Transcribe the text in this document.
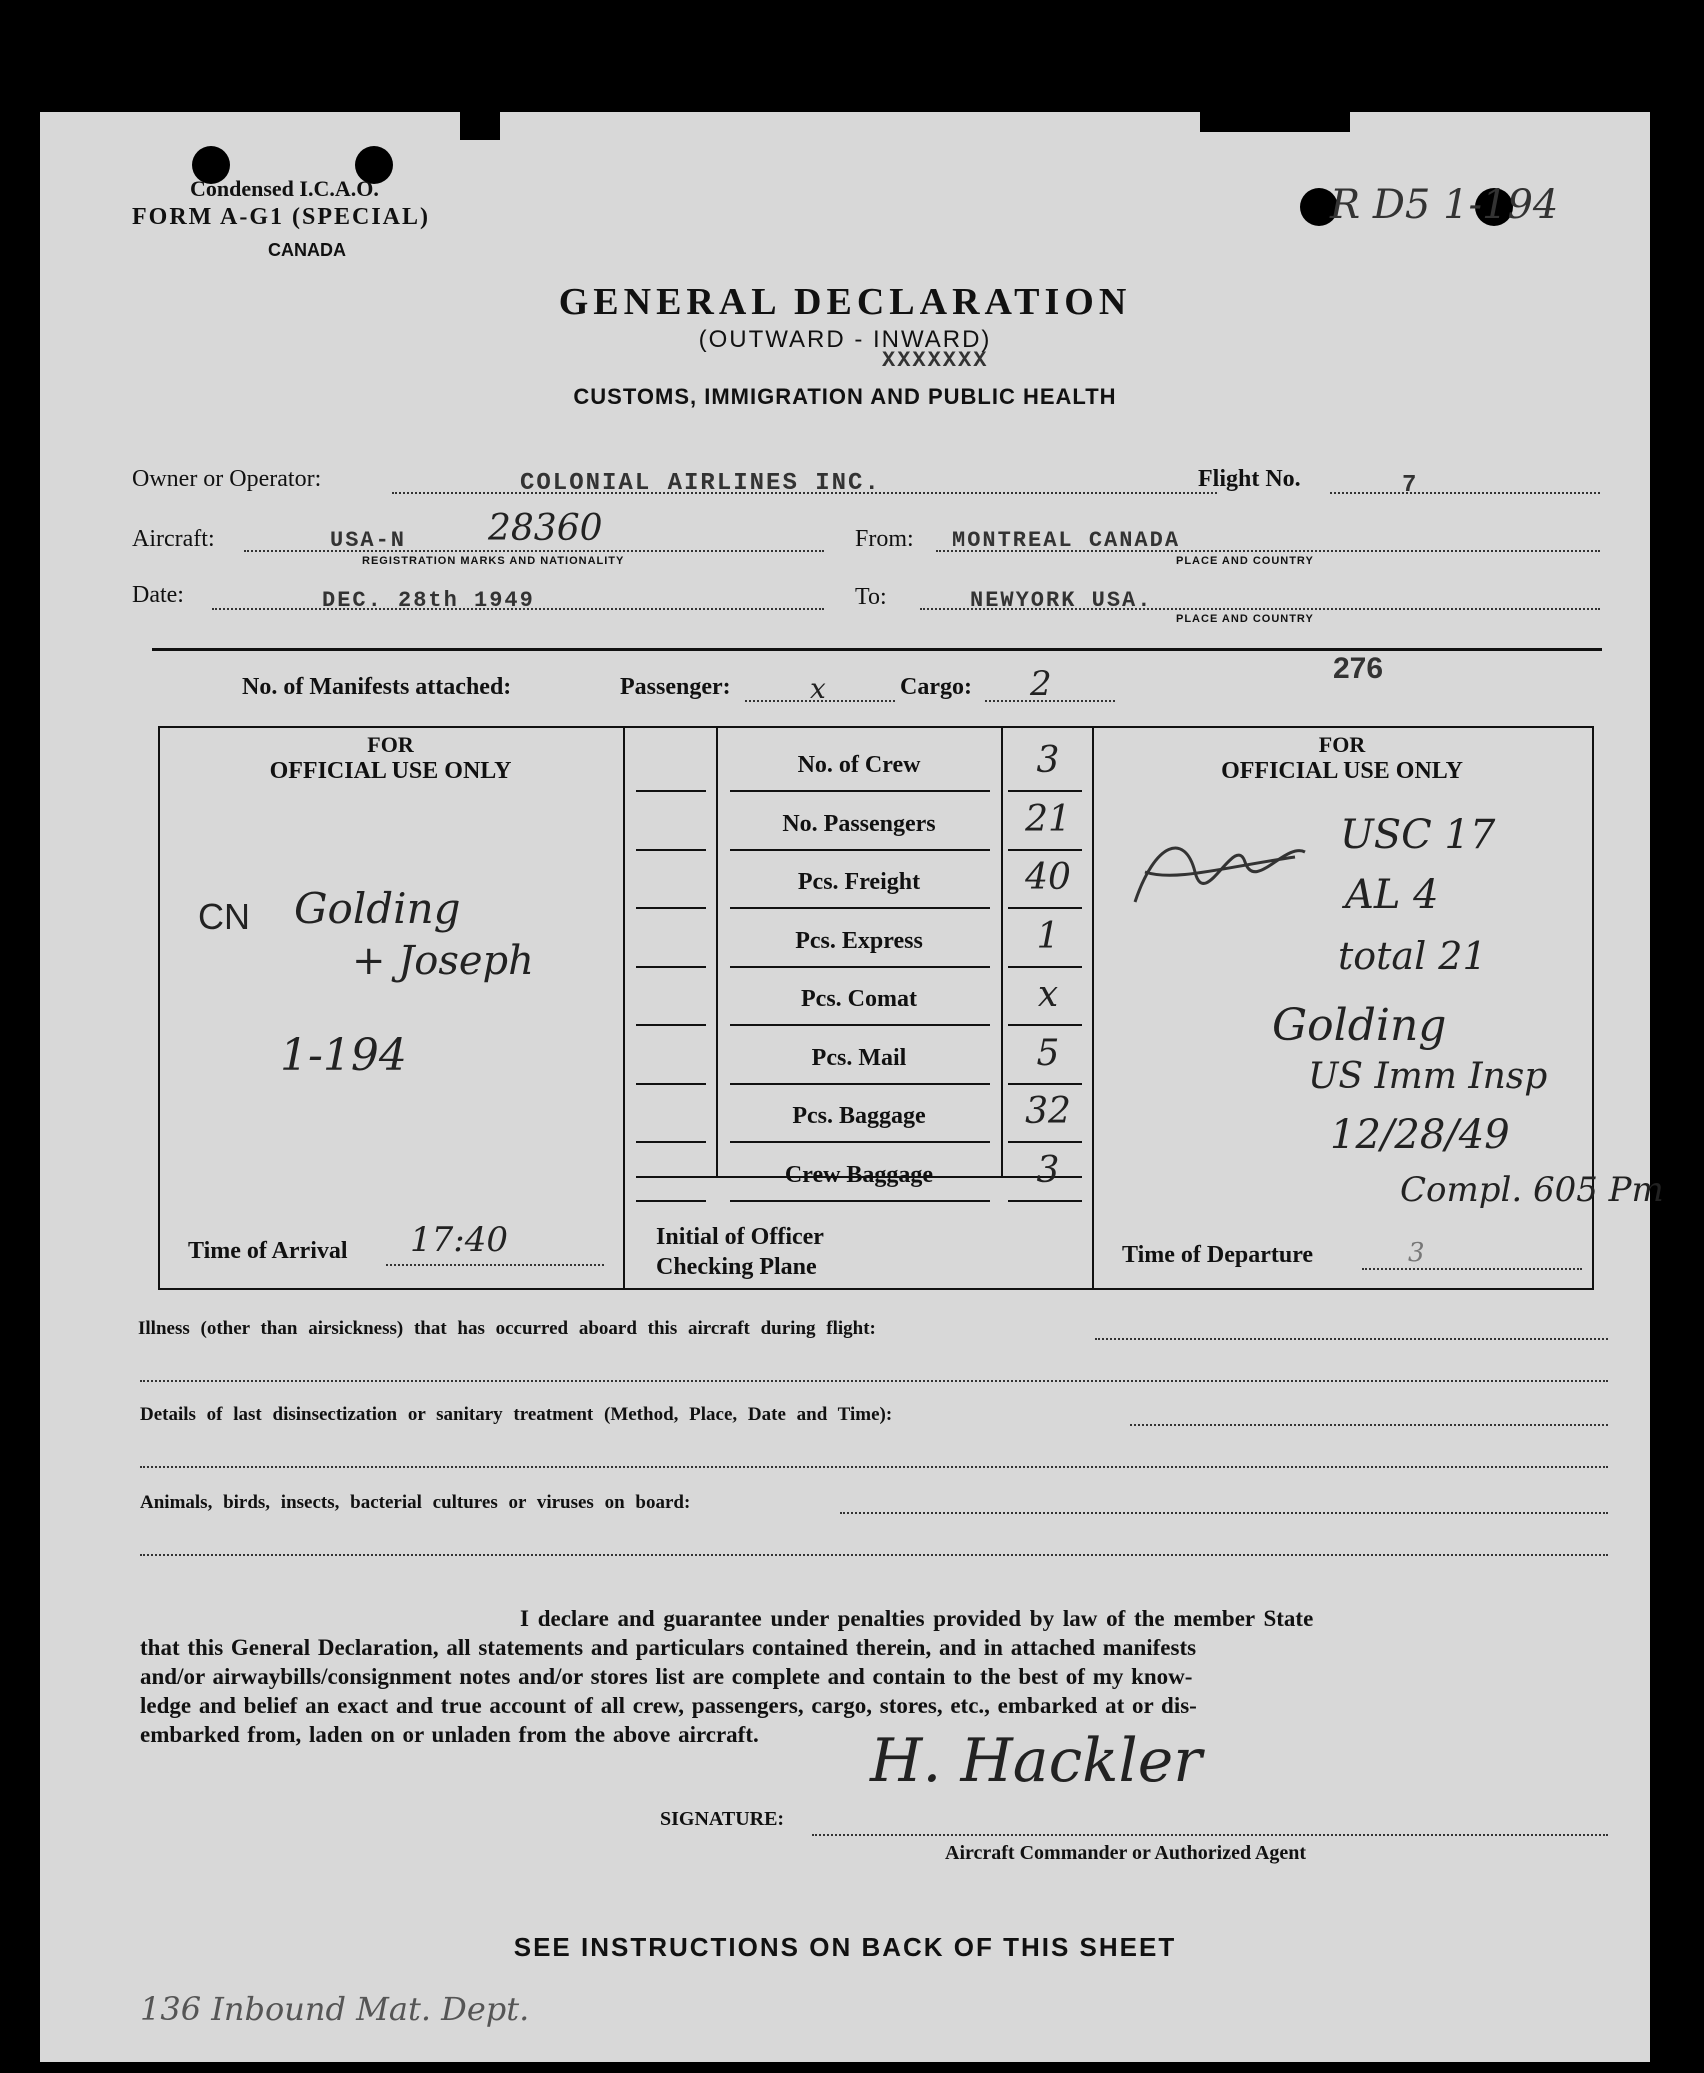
Condensed I.C.A.O.
FORM A-G1 (SPECIAL)
CANADA
R D5 1-194
GENERAL DECLARATION
(OUTWARD - INWARD)
XXXXXXX
CUSTOMS, IMMIGRATION AND PUBLIC HEALTH
Owner or Operator:	COLONIAL AIRLINES INC.	Flight No.	7
Aircraft:	USA-N 28360
REGISTRATION MARKS AND NATIONALITY
From: MONTREAL CANADA
PLACE AND COUNTRY
Date:	DEC. 28th 1949	To:	NEWYORK USA.
PLACE AND COUNTRY
276
No. of Manifests attached:	Passenger:	x	Cargo: 2
FOR
OFFICIAL USE ONLY
CN Golding
+ Joseph
1-194
Time of Arrival 17:40	Initial of Officer
Checking Plane
FOR
OFFICIAL USE ONLY
USC 17
AL 4
total 21
Golding
US Imm Insp
12/28/49
Compl. 605 Pm
Time of Departure	3
Illness (other than airsickness) that has occurred aboard this aircraft during flight:
Details of last disinsectization or sanitary treatment (Method, Place, Date and Time):
Animals, birds, insects, bacterial cultures or viruses on board:
I declare and guarantee under penalties provided by law of the member State
that this General Declaration, all statements and particulars contained therein, and in attached manifests
and/or airwaybills/consignment notes and/or stores list are complete and contain to the best of my know-
ledge and belief an exact and true account of all crew, passengers, cargo, stores, etc., embarked at or dis-
embarked from, laden on or unladen from the above aircraft.
SIGNATURE:
H. Hackler
Aircraft Commander or Authorized Agent
SEE INSTRUCTIONS ON BACK OF THIS SHEET
136 Inbound Mat. Dept.
No. of Crew	3
No. Passengers	21
Pcs. Freight	40
Pcs. Express	1
Pcs. Comat	x
Pcs. Mail	5
Pcs. Baggage	32
Crew Baggage	3
